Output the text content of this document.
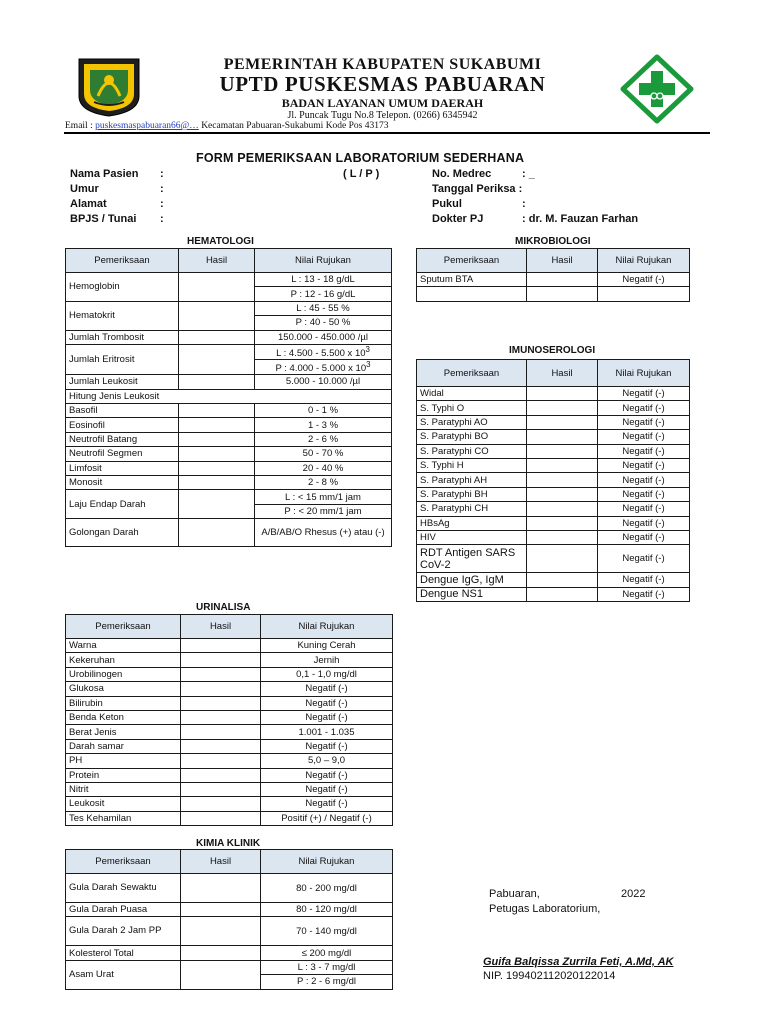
PEMERINTAH KABUPATEN SUKABUMI
UPTD PUSKESMAS PABUARAN
BADAN LAYANAN UMUM DAERAH
Jl. Puncak Tugu No.8 Telepon. (0266) 6345942
Email : puskesmaspabuaran66@… Kecamatan Pabuaran-Sukabumi Kode Pos 43173
FORM PEMERIKSAAN LABORATORIUM SEDERHANA
Nama Pasien :	( L / P )
Umur	:
Alamat	:
BPJS / Tunai :
No. Medrec	: _
Tanggal Periksa :
Pukul	:
Dokter PJ	: dr. M. Fauzan Farhan
HEMATOLOGI
Pemeriksaan	Hasil	Nilai Rujukan
Hemoglobin		L : 13 - 18 g/dL
		P : 12 - 16 g/dL
Hematokrit		L : 45 - 55 %
		P : 40 - 50 %
Jumlah Trombosit		150.000 - 450.000 /µl
Jumlah Eritrosit		L : 4.500 - 5.500 x $10^3$
		P : 4.000 - 5.000 x $10^3$
Jumlah Leukosit		5.000 - 10.000 /µl
Hitung Jenis Leukosit		
Basofil		0 - 1 %
Eosinofil		1 - 3 %
Neutrofil Batang		2 - 6 %
Neutrofil Segmen		50 - 70 %
Limfosit		20 - 40 %
Monosit		2 - 8 %
Laju Endap Darah		L : < 15 mm/1 jam
		P : < 20 mm/1 jam
Golongan Darah		A/B/AB/O Rhesus (+) atau (-)
MIKROBIOLOGI
Pemeriksaan	Hasil	Nilai Rujukan
Sputum BTA		Negatif (-)

IMUNOSEROLOGI
Pemeriksaan	Hasil	Nilai Rujukan
Widal		Negatif (-)
S. Typhi O		Negatif (-)
S. Paratyphi AO		Negatif (-)
S. Paratyphi BO		Negatif (-)
S. Paratyphi CO		Negatif (-)
S. Typhi H		Negatif (-)
S. Paratyphi AH		Negatif (-)
S. Paratyphi BH		Negatif (-)
S. Paratyphi CH		Negatif (-)
HBsAg		Negatif (-)
HIV		Negatif (-)
RDT Antigen SARS CoV-2		Negatif (-)
Dengue IgG, IgM		Negatif (-)
Dengue NS1		Negatif (-)
URINALISA
Pemeriksaan	Hasil	Nilai Rujukan
Warna		Kuning Cerah
Kekeruhan		Jernih
Urobilinogen		0,1 - 1,0 mg/dl
Glukosa		Negatif (-)
Bilirubin		Negatif (-)
Benda Keton		Negatif (-)
Berat Jenis		1.001 - 1.035
Darah samar		Negatif (-)
PH		5,0 – 9,0
Protein		Negatif (-)
Nitrit		Negatif (-)
Leukosit		Negatif (-)
Tes Kehamilan		Positif (+) / Negatif (-)
KIMIA KLINIK
Pemeriksaan	Hasil	Nilai Rujukan
Gula Darah Sewaktu		80 - 200 mg/dl
Gula Darah Puasa		80 - 120 mg/dl
Gula Darah 2 Jam PP		70 - 140 mg/dl
Kolesterol Total		≤ 200 mg/dl
Asam Urat		L : 3 - 7 mg/dl
		P : 2 - 6 mg/dl
Pabuaran,	2022
Petugas Laboratorium,
Guifa Balqissa Zurrila Feti, A.Md, AK
NIP. 199402112020122014
